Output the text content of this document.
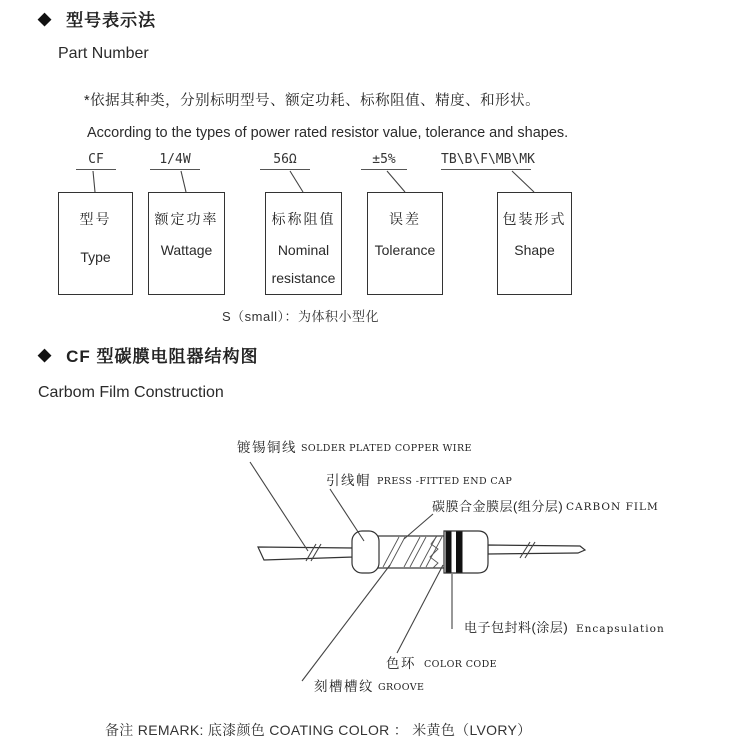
◆ 型号表示法
Part Number
*依据其种类，分别标明型号、额定功耗、标称阻值、精度、和形状。
According to the types of power rated resistor value, tolerance and shapes.
CF	1/4W	56Ω	±5%	TB\B\F\MB\MK
型号
Type
额定功率
Wattage
标称阻值
Nominal
resistance
误差
Tolerance
包装形式
Shape
S（small）：为体积小型化
◆ CF 型碳膜电阻器结构图
Carbom Film Construction
镀锡铜线 SOLDER PLATED COPPER WIRE
引线帽 PRESS -FITTED END CAP
碳膜合金膜层(组分层) CARBON FILM
电子包封料(涂层) Encapsulation
色环 COLOR CODE
刻槽槽纹 GROOVE
备注 REMARK: 底漆颜色 COATING COLOR ： 米黄色（LVORY）
